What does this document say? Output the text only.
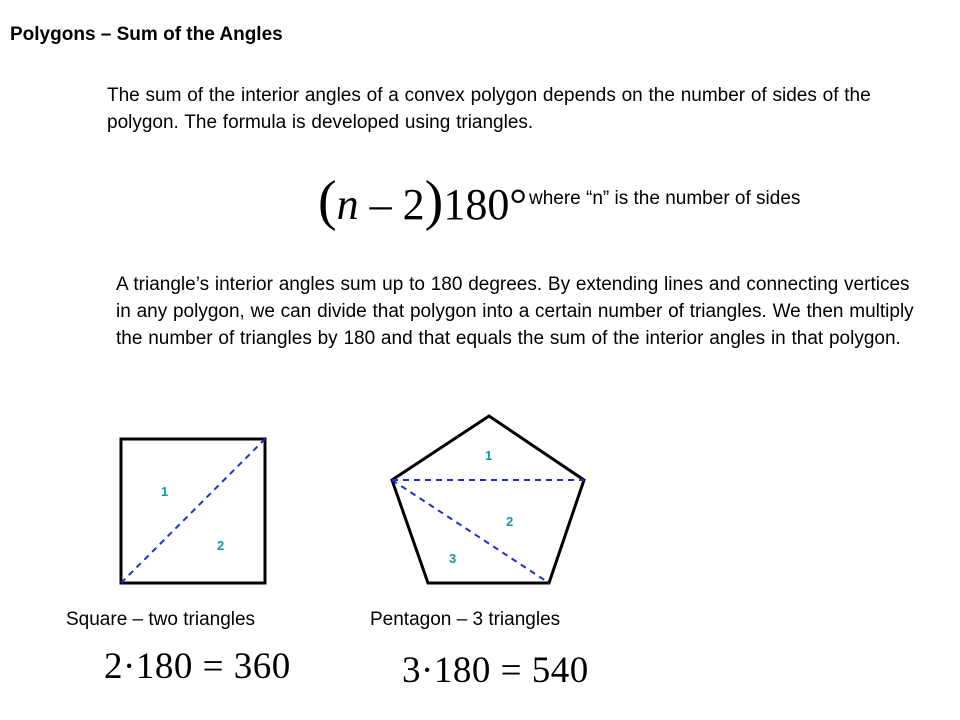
Polygons – Sum of the Angles
The sum of the interior angles of a convex polygon depends on the number of sides of the polygon. The formula is developed using triangles.
(n – 2)180° where “n” is the number of sides
A triangle’s interior angles sum up to 180 degrees. By extending lines and connecting vertices in any polygon, we can divide that polygon into a certain number of triangles. We then multiply the number of triangles by 180 and that equals the sum of the interior angles in that polygon.
1
2
1
2
3
Square – two triangles	Pentagon – 3 triangles
2·180 = 360	3·180 = 540
